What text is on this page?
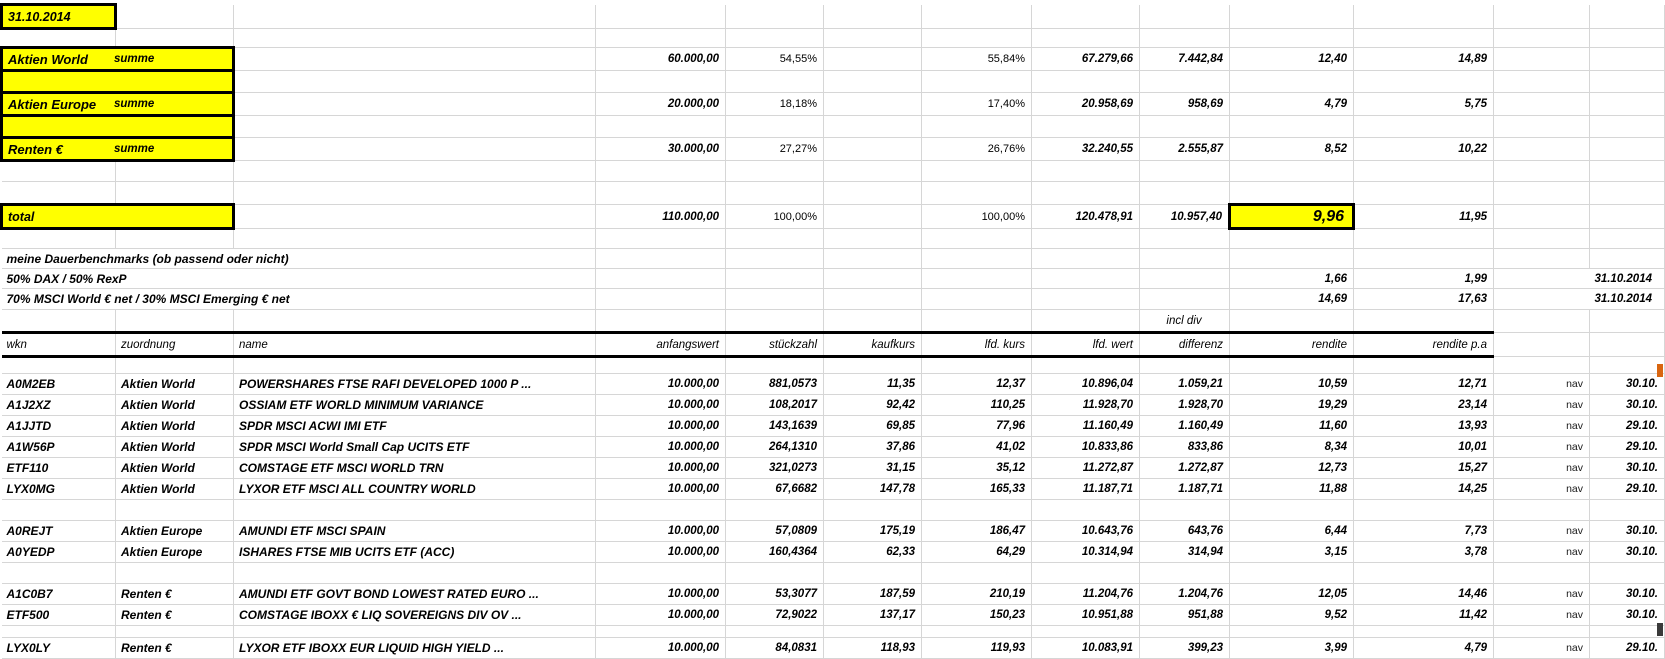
31.10.2014												

Aktien World summe			60.000,00	54,55%		55,84%	67.279,66	7.442,84	12,40	14,89		

Aktien Europe summe			20.000,00	18,18%		17,40%	20.958,69	958,69	4,79	5,75		

Renten € summe			30.000,00	27,27%		26,76%	32.240,55	2.555,87	8,52	10,22		

total			110.000,00	100,00%		100,00%	120.478,91	10.957,40	9,96	11,95		

meine Dauerbenchmarks (ob passend oder nicht)												
50% DAX / 50% RexP									1,66	1,99	31.10.2014	
70% MSCI World € net / 30% MSCI Emerging € net									14,69	17,63	31.10.2014	
								incl div				
wkn	zuordnung	name	anfangswert	stückzahl	kaufkurs	lfd. kurs	lfd. wert	differenz	rendite	rendite p.a		

A0M2EB	Aktien World	POWERSHARES FTSE RAFI DEVELOPED 1000 P ...	10.000,00	881,0573	11,35	12,37	10.896,04	1.059,21	10,59	12,71	nav	30.10.
A1J2XZ	Aktien World	OSSIAM ETF WORLD MINIMUM VARIANCE	10.000,00	108,2017	92,42	110,25	11.928,70	1.928,70	19,29	23,14	nav	30.10.
A1JJTD	Aktien World	SPDR MSCI ACWI IMI ETF	10.000,00	143,1639	69,85	77,96	11.160,49	1.160,49	11,60	13,93	nav	29.10.
A1W56P	Aktien World	SPDR MSCI World Small Cap UCITS ETF	10.000,00	264,1310	37,86	41,02	10.833,86	833,86	8,34	10,01	nav	29.10.
ETF110	Aktien World	COMSTAGE ETF MSCI WORLD TRN	10.000,00	321,0273	31,15	35,12	11.272,87	1.272,87	12,73	15,27	nav	30.10.
LYX0MG	Aktien World	LYXOR ETF MSCI ALL COUNTRY WORLD	10.000,00	67,6682	147,78	165,33	11.187,71	1.187,71	11,88	14,25	nav	29.10.

A0REJT	Aktien Europe	AMUNDI ETF MSCI SPAIN	10.000,00	57,0809	175,19	186,47	10.643,76	643,76	6,44	7,73	nav	30.10.
A0YEDP	Aktien Europe	ISHARES FTSE MIB UCITS ETF (ACC)	10.000,00	160,4364	62,33	64,29	10.314,94	314,94	3,15	3,78	nav	30.10.

A1C0B7	Renten €	AMUNDI ETF GOVT BOND LOWEST RATED EURO ...	10.000,00	53,3077	187,59	210,19	11.204,76	1.204,76	12,05	14,46	nav	30.10.
ETF500	Renten €	COMSTAGE IBOXX € LIQ SOVEREIGNS DIV OV ...	10.000,00	72,9022	137,17	150,23	10.951,88	951,88	9,52	11,42	nav	30.10.

LYX0LY	Renten €	LYXOR ETF IBOXX EUR LIQUID HIGH YIELD ...	10.000,00	84,0831	118,93	119,93	10.083,91	399,23	3,99	4,79	nav	29.10.
